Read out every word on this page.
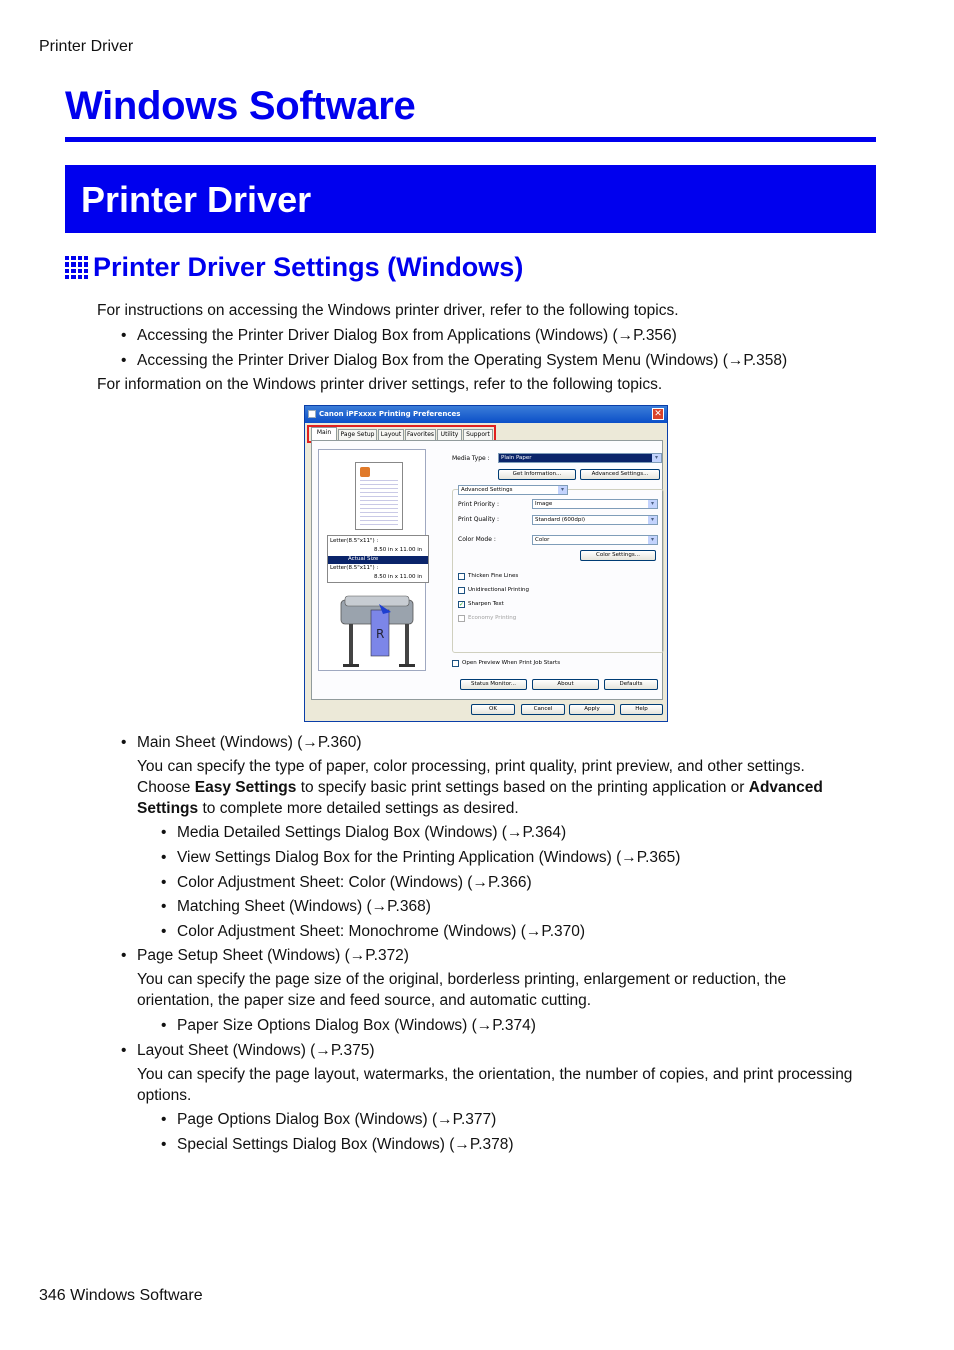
Printer Driver
Windows Software
Printer Driver
Printer Driver Settings (Windows)
For instructions on accessing the Windows printer driver, refer to the following topics.
• Accessing the Printer Driver Dialog Box from Applications (Windows) (→P.356)
• Accessing the Printer Driver Dialog Box from the Operating System Menu (Windows) (→P.358)
For information on the Windows printer driver settings, refer to the following topics.
Canon iPFxxxx Printing Preferences	✕
Main	Page Setup	Layout Favorites	Utility	Support
Letter(8.5"x11") :
8.50 in x 11.00 in
Actual Size
Letter(8.5"x11") :
8.50 in x 11.00 in
R
Media Type :	Plain Paper	▾
Get Information...	Advanced Settings...
Advanced Settings	▾
Print Priority :	Image	▾
Print Quality :	Standard (600dpi)	▾
Color Mode :	Color	▾
Color Settings...
Thicken Fine Lines
Unidirectional Printing
✓ Sharpen Text
Economy Printing
Open Preview When Print Job Starts
Status Monitor...	About	Defaults
OK	Cancel	Apply	Help
• Main Sheet (Windows) (→P.360)
You can specify the type of paper, color processing, print quality, print preview, and other settings.
Choose Easy Settings to specify basic print settings based on the printing application or Advanced
Settings to complete more detailed settings as desired.
• Media Detailed Settings Dialog Box (Windows) (→P.364)
• View Settings Dialog Box for the Printing Application (Windows) (→P.365)
• Color Adjustment Sheet: Color (Windows) (→P.366)
• Matching Sheet (Windows) (→P.368)
• Color Adjustment Sheet: Monochrome (Windows) (→P.370)
• Page Setup Sheet (Windows) (→P.372)
You can specify the page size of the original, borderless printing, enlargement or reduction, the
orientation, the paper size and feed source, and automatic cutting.
• Paper Size Options Dialog Box (Windows) (→P.374)
• Layout Sheet (Windows) (→P.375)
You can specify the page layout, watermarks, the orientation, the number of copies, and print processing
options.
• Page Options Dialog Box (Windows) (→P.377)
• Special Settings Dialog Box (Windows) (→P.378)
346 Windows Software
